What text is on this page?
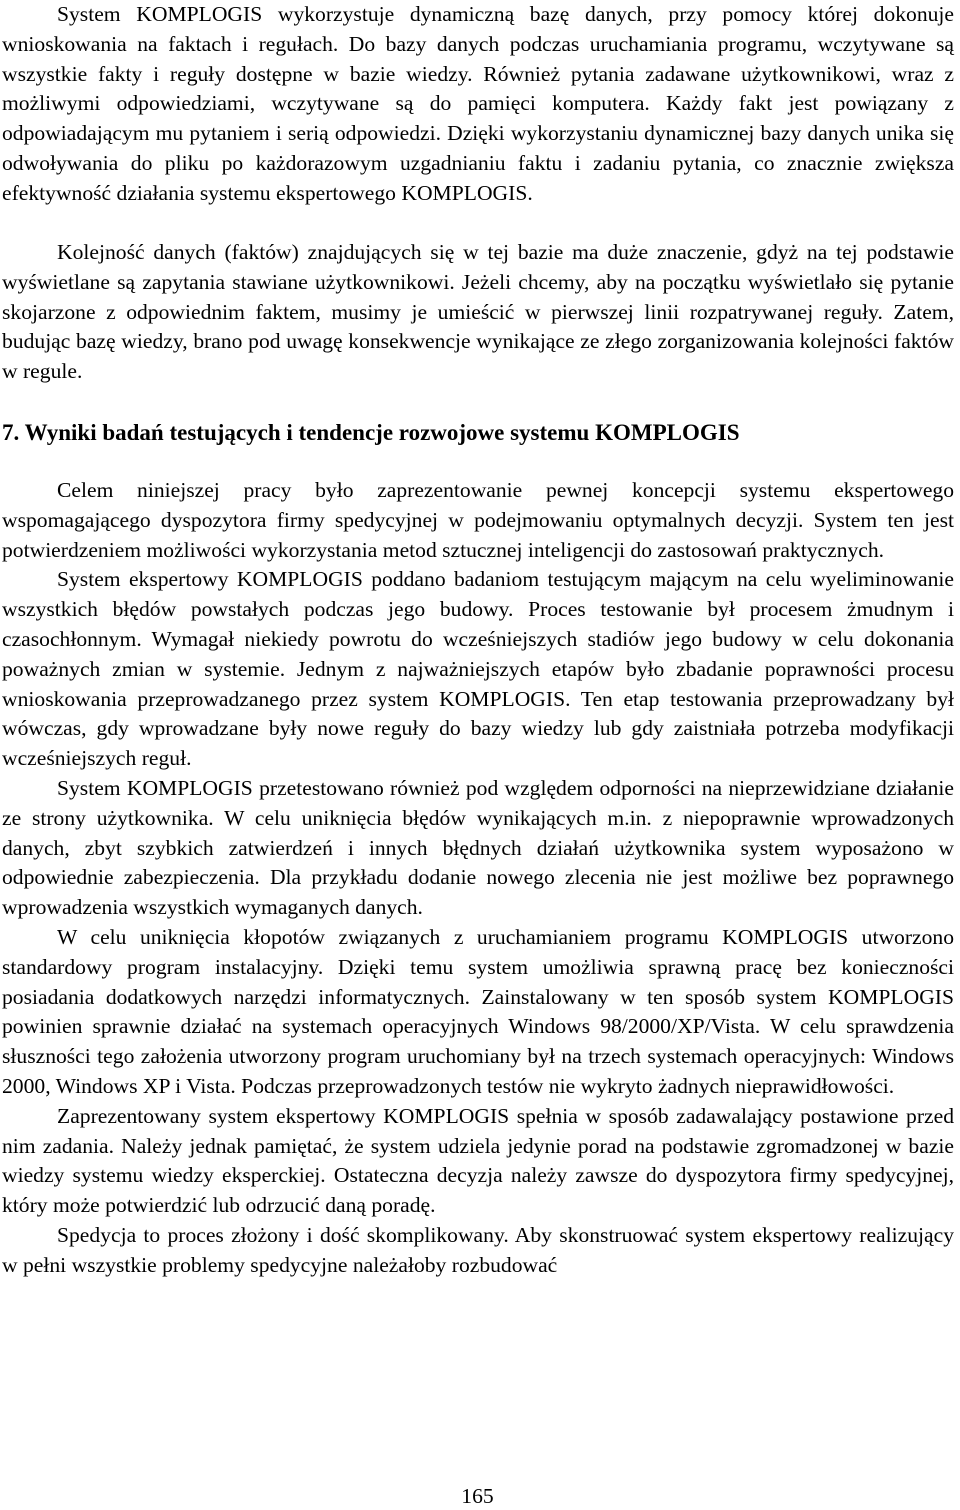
System KOMPLOGIS wykorzystuje dynamiczną bazę danych, przy pomocy której dokonuje wnioskowania na faktach i regułach. Do bazy danych podczas uruchamiania programu, wczytywane są wszystkie fakty i reguły dostępne w bazie wiedzy. Również pytania zadawane użytkownikowi, wraz z możliwymi odpowiedziami, wczytywane są do pamięci komputera. Każdy fakt jest powiązany z odpowiadającym mu pytaniem i serią odpowiedzi. Dzięki wykorzystaniu dynamicznej bazy danych unika się odwoływania do pliku po każdorazowym uzgadnianiu faktu i zadaniu pytania, co znacznie zwiększa efektywność działania systemu ekspertowego KOMPLOGIS.

Kolejność danych (faktów) znajdujących się w tej bazie ma duże znaczenie, gdyż na tej podstawie wyświetlane są zapytania stawiane użytkownikowi. Jeżeli chcemy, aby na początku wyświetlało się pytanie skojarzone z odpowiednim faktem, musimy je umieścić w pierwszej linii rozpatrywanej reguły. Zatem, budując bazę wiedzy, brano pod uwagę konsekwencje wynikające ze złego zorganizowania kolejności faktów w regule.

7. Wyniki badań testujących i tendencje rozwojowe systemu KOMPLOGIS

Celem niniejszej pracy było zaprezentowanie pewnej koncepcji systemu ekspertowego wspomagającego dyspozytora firmy spedycyjnej w podejmowaniu optymalnych decyzji. System ten jest potwierdzeniem możliwości wykorzystania metod sztucznej inteligencji do zastosowań praktycznych.

System ekspertowy KOMPLOGIS poddano badaniom testującym mającym na celu wyeliminowanie wszystkich błędów powstałych podczas jego budowy. Proces testowanie był procesem żmudnym i czasochłonnym. Wymagał niekiedy powrotu do wcześniejszych stadiów jego budowy w celu dokonania poważnych zmian w systemie. Jednym z najważniejszych etapów było zbadanie poprawności procesu wnioskowania przeprowadzanego przez system KOMPLOGIS. Ten etap testowania przeprowadzany był wówczas, gdy wprowadzane były nowe reguły do bazy wiedzy lub gdy zaistniała potrzeba modyfikacji wcześniejszych reguł.

System KOMPLOGIS przetestowano również pod względem odporności na nieprzewidziane działanie ze strony użytkownika. W celu uniknięcia błędów wynikających m.in. z niepoprawnie wprowadzonych danych, zbyt szybkich zatwierdzeń i innych błędnych działań użytkownika system wyposażono w odpowiednie zabezpieczenia. Dla przykładu dodanie nowego zlecenia nie jest możliwe bez poprawnego wprowadzenia wszystkich wymaganych danych.

W celu uniknięcia kłopotów związanych z uruchamianiem programu KOMPLOGIS utworzono standardowy program instalacyjny. Dzięki temu system umożliwia sprawną pracę bez konieczności posiadania dodatkowych narzędzi informatycznych. Zainstalowany w ten sposób system KOMPLOGIS powinien sprawnie działać na systemach operacyjnych Windows 98/2000/XP/Vista. W celu sprawdzenia słuszności tego założenia utworzony program uruchomiany był na trzech systemach operacyjnych: Windows 2000, Windows XP i Vista. Podczas przeprowadzonych testów nie wykryto żadnych nieprawidłowości.

Zaprezentowany system ekspertowy KOMPLOGIS spełnia w sposób zadawalający postawione przed nim zadania. Należy jednak pamiętać, że system udziela jedynie porad na podstawie zgromadzonej w bazie wiedzy systemu wiedzy eksperckiej. Ostateczna decyzja należy zawsze do dyspozytora firmy spedycyjnej, który może potwierdzić lub odrzucić daną poradę.

Spedycja to proces złożony i dość skomplikowany. Aby skonstruować system ekspertowy realizujący w pełni wszystkie problemy spedycyjne należałoby rozbudować

165
